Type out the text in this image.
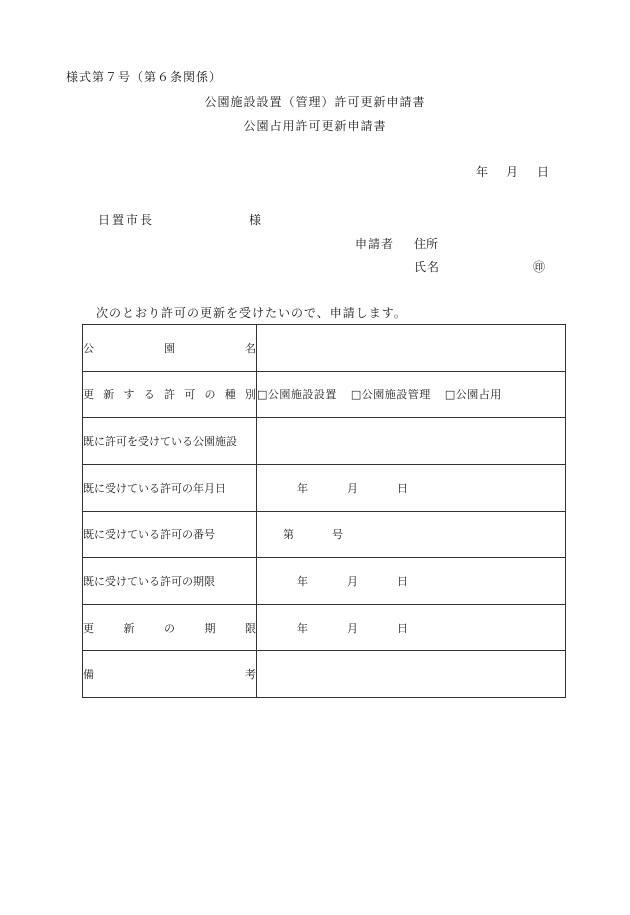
様式第７号（第６条関係）
公園施設設置（管理）許可更新申請書
公園占用許可更新申請書
年 月 日
日置市長	様
申請者 住所
氏名	㊞
次のとおり許可の更新を受けたいので、申請します。
公 園 名	
更新する許可の種別	□公園施設設置 □公園施設管理 □公園占用
既に許可を受けている公園施設	
既に受けている許可の年月日	年　月　日
既に受けている許可の番号	第 号
既に受けている許可の期限	年　月　日
更 新 の 期 限	年　月　日
備 考	
